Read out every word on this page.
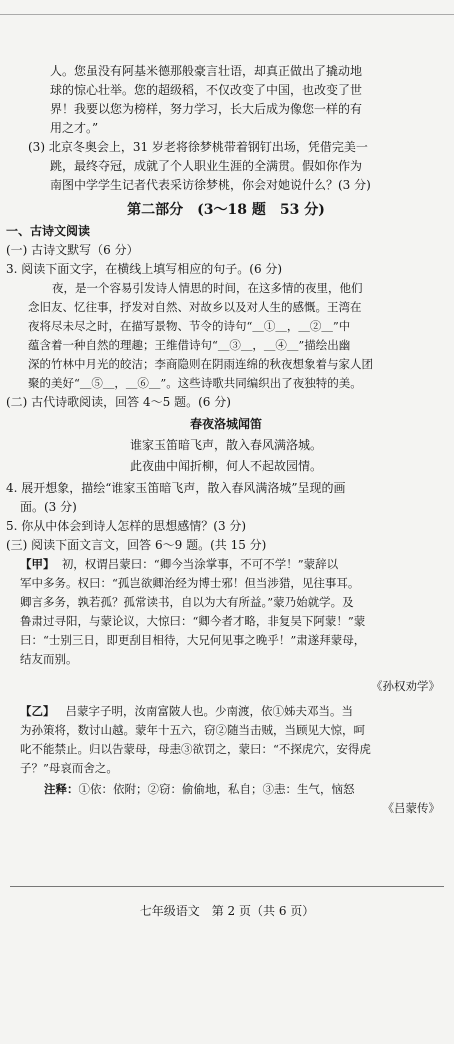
人。您虽没有阿基米德那般豪言壮语，却真正做出了撬动地

球的惊心壮举。您的超级稻，不仅改变了中国，也改变了世

界！我要以您为榜样，努力学习，长大后成为像您一样的有

用之才。”

(3) 北京冬奥会上，31 岁老将徐梦桃带着钢钉出场，凭借完美一

跳，最终夺冠，成就了个人职业生涯的全满贯。假如你作为

南图中学学生记者代表采访徐梦桃，你会对她说什么？(3 分)

第二部分　(3～18 题　53 分)

一、古诗文阅读

(一) 古诗文默写（6 分）

3. 阅读下面文字，在横线上填写相应的句子。(6 分)

夜，是一个容易引发诗人情思的时间，在这多情的夜里，他们

念旧友、忆往事，抒发对自然、对故乡以及对人生的感慨。王湾在

夜将尽未尽之时，在描写景物、节令的诗句“＿①＿，＿②＿”中

蕴含着一种自然的理趣；王维借诗句“＿③＿，＿④＿”描绘出幽

深的竹林中月光的皎洁；李商隐则在阴雨连绵的秋夜想象着与家人团

聚的美好“＿⑤＿，＿⑥＿”。这些诗歌共同编织出了夜独特的美。

(二) 古代诗歌阅读，回答 4～5 题。(6 分)

春夜洛城闻笛

谁家玉笛暗飞声，散入春风满洛城。

此夜曲中闻折柳，何人不起故园情。

4. 展开想象，描绘“谁家玉笛暗飞声，散入春风满洛城”呈现的画

面。(3 分)

5. 你从中体会到诗人怎样的思想感情？(3 分)

(三) 阅读下面文言文，回答 6～9 题。(共 15 分)

【甲】 初，权谓吕蒙曰：“卿今当涂掌事，不可不学！”蒙辞以

军中多务。权曰：“孤岂欲卿治经为博士邪！但当涉猎，见往事耳。

卿言多务，孰若孤？孤常读书，自以为大有所益。”蒙乃始就学。及

鲁肃过寻阳，与蒙论议，大惊曰：“卿今者才略，非复吴下阿蒙！”蒙

曰：“士别三日，即更刮目相待，大兄何见事之晚乎！”肃遂拜蒙母，

结友而别。

《孙权劝学》

【乙】 吕蒙字子明，汝南富陂人也。少南渡，依①姊夫邓当。当

为孙策将，数讨山越。蒙年十五六，窃②随当击贼，当顾见大惊，呵

叱不能禁止。归以告蒙母，母恚③欲罚之，蒙曰：“不探虎穴，安得虎

子？”母哀而舍之。

注释：①依：依附；②窃：偷偷地，私自；③恚：生气，恼怒

《吕蒙传》

七年级语文　第 2 页（共 6 页）
